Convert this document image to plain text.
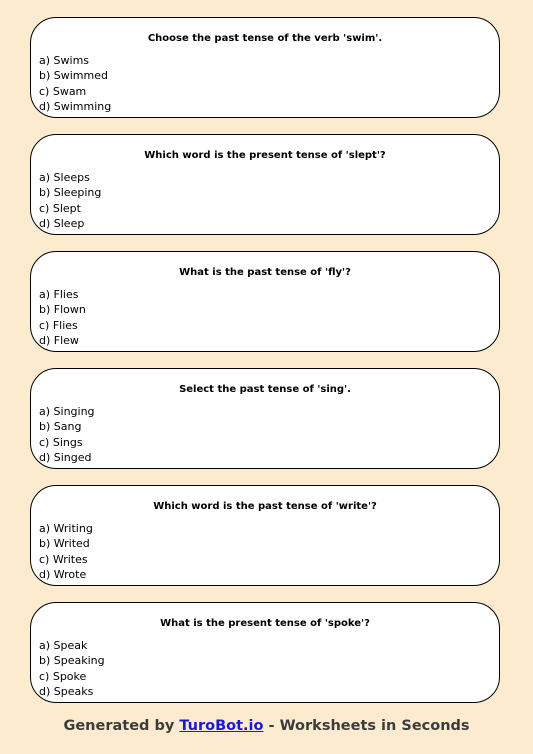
Choose the past tense of the verb 'swim'.
a) Swims
b) Swimmed
c) Swam
d) Swimming
Which word is the present tense of 'slept'?
a) Sleeps
b) Sleeping
c) Slept
d) Sleep
What is the past tense of 'fly'?
a) Flies
b) Flown
c) Flies
d) Flew
Select the past tense of 'sing'.
a) Singing
b) Sang
c) Sings
d) Singed
Which word is the past tense of 'write'?
a) Writing
b) Writed
c) Writes
d) Wrote
What is the present tense of 'spoke'?
a) Speak
b) Speaking
c) Spoke
d) Speaks
Generated by TuroBot.io - Worksheets in Seconds
